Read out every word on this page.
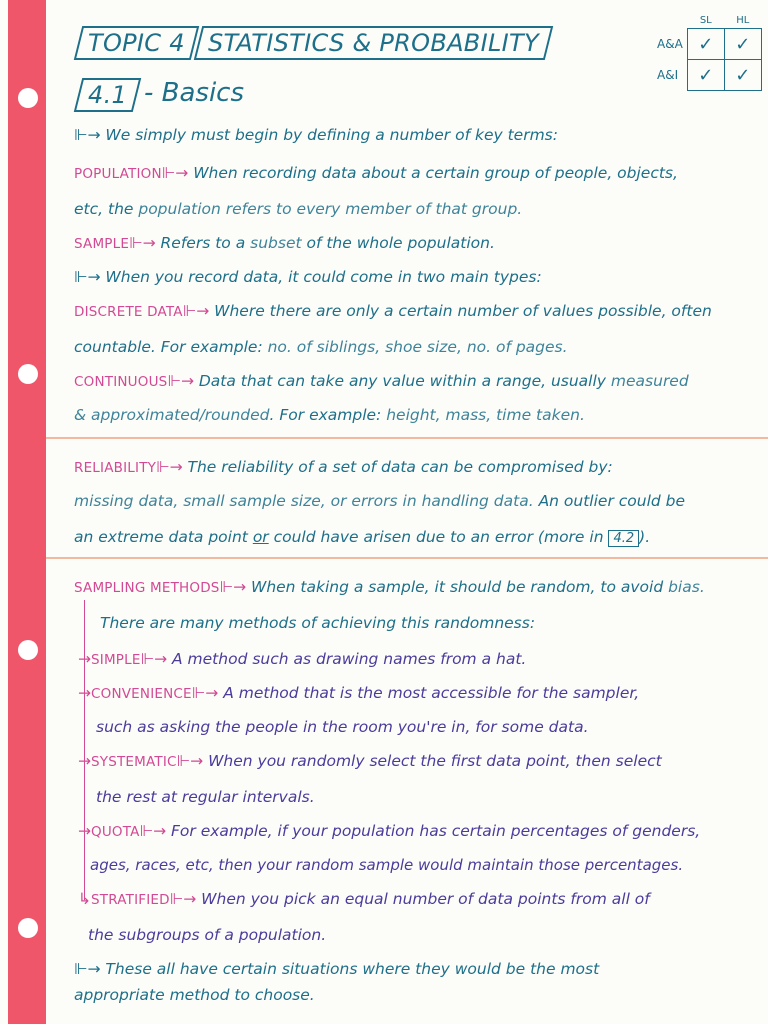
TOPIC 4 STATISTICS & PROBABILITY
4.1 - Basics
	SL	HL
A&A	✓	✓
A&I	✓	✓
⊩→ We simply must begin by defining a number of key terms:
POPULATION⊩→ When recording data about a certain group of people, objects,
etc, the population refers to every member of that group.
SAMPLE⊩→ Refers to a subset of the whole population.
⊩→ When you record data, it could come in two main types:
DISCRETE DATA⊩→ Where there are only a certain number of values possible, often
countable. For example: no. of siblings, shoe size, no. of pages.
CONTINUOUS⊩→ Data that can take any value within a range, usually measured
& approximated/rounded. For example: height, mass, time taken.
RELIABILITY⊩→ The reliability of a set of data can be compromised by:
missing data, small sample size, or errors in handling data. An outlier could be
an extreme data point or could have arisen due to an error (more in 4.2 ).
SAMPLING METHODS⊩→ When taking a sample, it should be random, to avoid bias.
There are many methods of achieving this randomness:
→SIMPLE⊩→ A method such as drawing names from a hat.
→CONVENIENCE⊩→ A method that is the most accessible for the sampler,
such as asking the people in the room you're in, for some data.
→SYSTEMATIC⊩→ When you randomly select the first data point, then select
the rest at regular intervals.
→QUOTA⊩→ For example, if your population has certain percentages of genders,
ages, races, etc, then your random sample would maintain those percentages.
↳STRATIFIED⊩→ When you pick an equal number of data points from all of
the subgroups of a population.
⊩→ These all have certain situations where they would be the most
appropriate method to choose.
